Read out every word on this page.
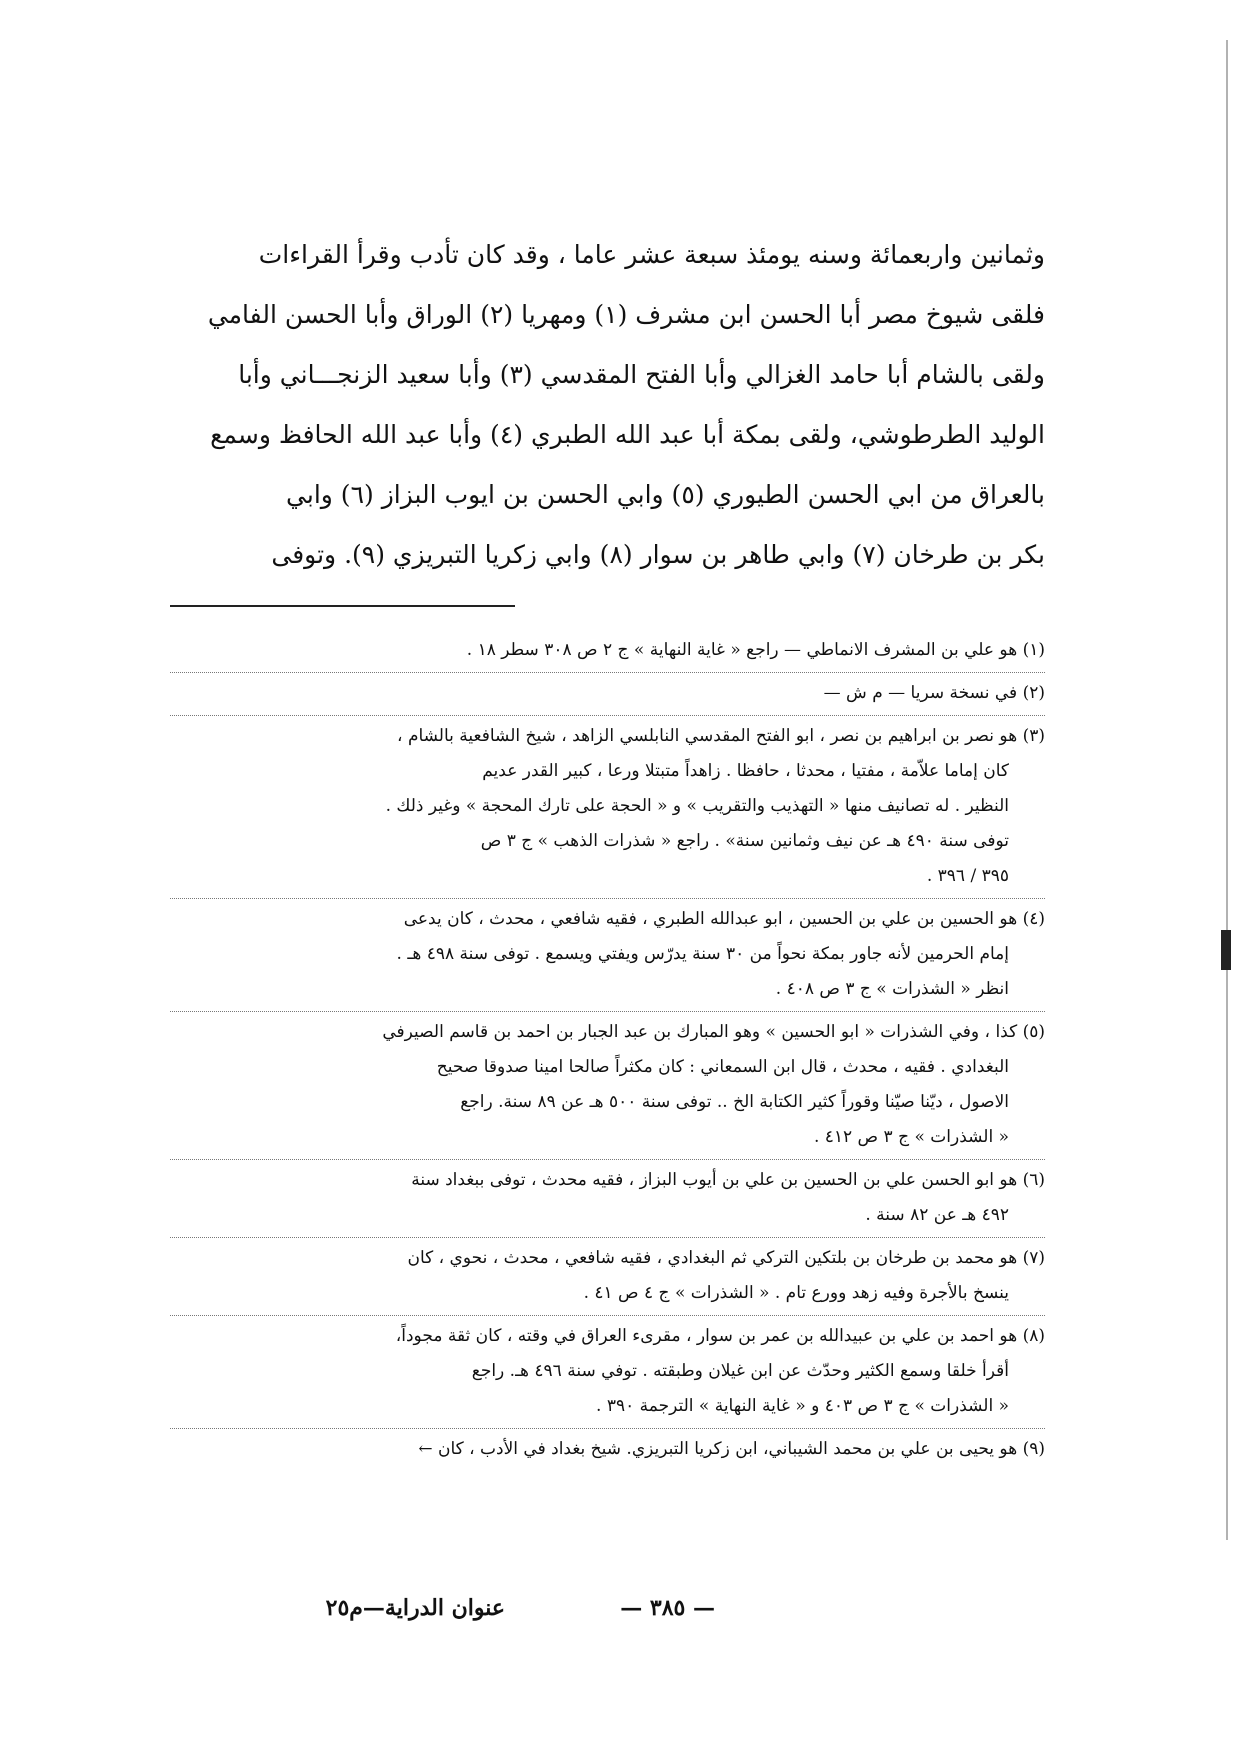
وثمانين واربعمائة وسنه يومئذ سبعة عشر عاما ، وقد كان تأدب وقرأ القراءات
فلقى شيوخ مصر أبا الحسن ابن مشرف (١) ومهريا (٢) الوراق وأبا الحسن الفامي
ولقى بالشام أبا حامد الغزالي وأبا الفتح المقدسي (٣) وأبا سعيد الزنجـــاني وأبا
الوليد الطرطوشي، ولقى بمكة أبا عبد الله الطبري (٤) وأبا عبد الله الحافظ وسمع
بالعراق من ابي الحسن الطيوري (٥) وابي الحسن بن ايوب البزاز (٦) وابي
بكر بن طرخان (٧) وابي طاهر بن سوار (٨) وابي زكريا التبريزي (٩). وتوفى
(١) هو علي بن المشرف الانماطي — راجع « غاية النهاية » ج ٢ ص ٣٠٨ سطر ١٨ .
(٢) في نسخة سريا — م ش —
(٣) هو نصر بن ابراهيم بن نصر ، ابو الفتح المقدسي النابلسي الزاهد ، شيخ الشافعية بالشام ،
كان إماما علاّمة ، مفتيا ، محدثا ، حافظا . زاهداً متبتلا ورعا ، كبير القدر عديم
النظير . له تصانيف منها « التهذيب والتقريب » و « الحجة على تارك المحجة » وغير ذلك .
توفى سنة ٤٩٠ هـ عن نيف وثمانين سنة» . راجع « شذرات الذهب » ج ٣ ص
٣٩٥ / ٣٩٦ .
(٤) هو الحسين بن علي بن الحسين ، ابو عبدالله الطبري ، فقيه شافعي ، محدث ، كان يدعى
إمام الحرمين لأنه جاور بمكة نحواً من ٣٠ سنة يدرّس ويفتي ويسمع . توفى سنة ٤٩٨ هـ .
انظر « الشذرات » ج ٣ ص ٤٠٨ .
(٥) كذا ، وفي الشذرات « ابو الحسين » وهو المبارك بن عبد الجبار بن احمد بن قاسم الصيرفي
البغدادي . فقيه ، محدث ، قال ابن السمعاني : كان مكثراً صالحا امينا صدوقا صحيح
الاصول ، ديّنا صيّنا وقوراً كثير الكتابة الخ .. توفى سنة ٥٠٠ هـ عن ٨٩ سنة. راجع
« الشذرات » ج ٣ ص ٤١٢ .
(٦) هو ابو الحسن علي بن الحسين بن علي بن أيوب البزاز ، فقيه محدث ، توفى ببغداد سنة
٤٩٢ هـ عن ٨٢ سنة .
(٧) هو محمد بن طرخان بن بلتكين التركي ثم البغدادي ، فقيه شافعي ، محدث ، نحوي ، كان
ينسخ بالأجرة وفيه زهد وورع تام . « الشذرات » ج ٤ ص ٤١ .
(٨) هو احمد بن علي بن عبيدالله بن عمر بن سوار ، مقرىء العراق في وقته ، كان ثقة مجوداً،
أقرأ خلقا وسمع الكثير وحدّث عن ابن غيلان وطبقته . توفي سنة ٤٩٦ هـ. راجع
« الشذرات » ج ٣ ص ٤٠٣ و « غاية النهاية » الترجمة ٣٩٠ .
(٩) هو يحيى بن علي بن محمد الشيباني، ابن زكريا التبريزي. شيخ بغداد في الأدب ، كان ←
— ٣٨٥ —
عنوان الدراية—م٢٥
